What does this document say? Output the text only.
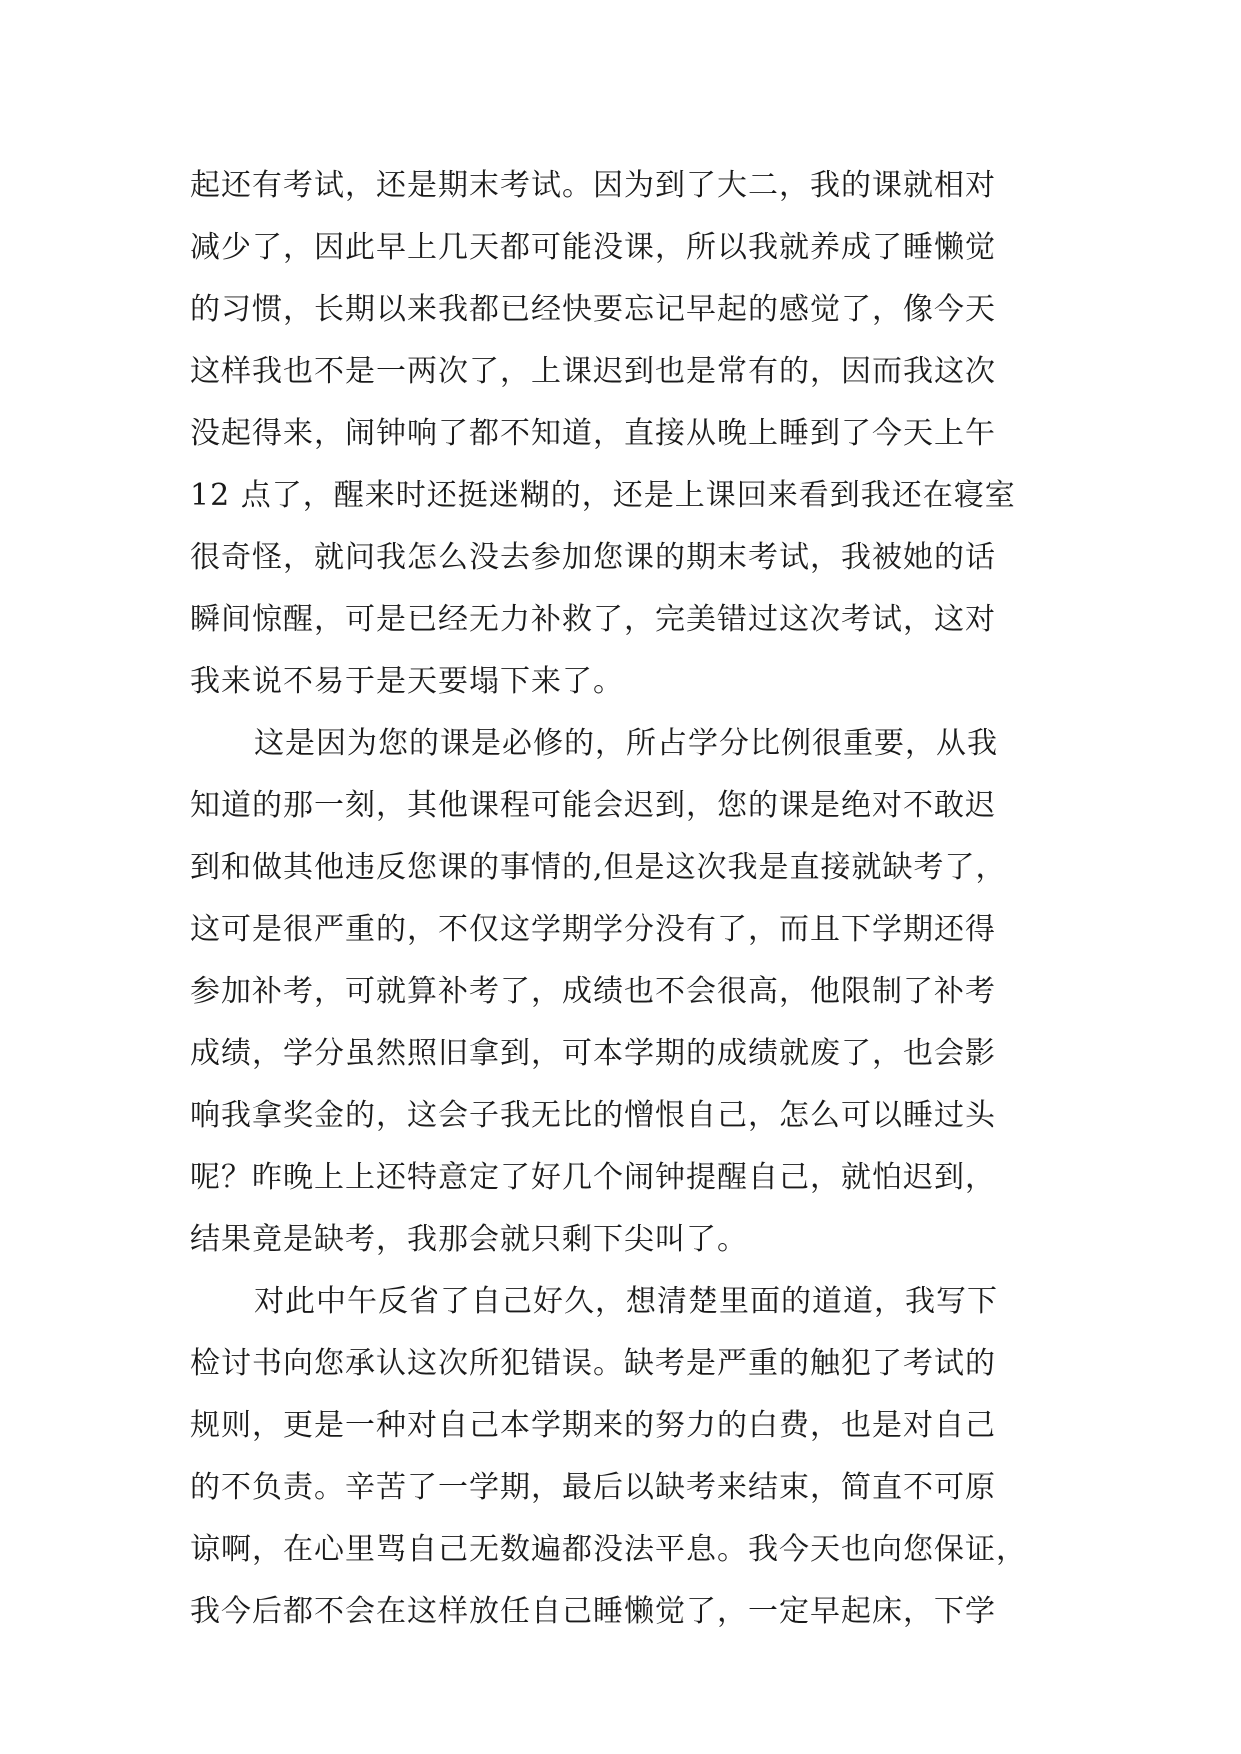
起还有考试，还是期末考试。因为到了大二，我的课就相对
减少了，因此早上几天都可能没课，所以我就养成了睡懒觉
的习惯，长期以来我都已经快要忘记早起的感觉了，像今天
这样我也不是一两次了，上课迟到也是常有的，因而我这次
没起得来，闹钟响了都不知道，直接从晚上睡到了今天上午
12 点了，醒来时还挺迷糊的，还是上课回来看到我还在寝室
很奇怪，就问我怎么没去参加您课的期末考试，我被她的话
瞬间惊醒，可是已经无力补救了，完美错过这次考试，这对
我来说不易于是天要塌下来了。
这是因为您的课是必修的，所占学分比例很重要，从我
知道的那一刻，其他课程可能会迟到，您的课是绝对不敢迟
到和做其他违反您课的事情的,但是这次我是直接就缺考了，
这可是很严重的，不仅这学期学分没有了，而且下学期还得
参加补考，可就算补考了，成绩也不会很高，他限制了补考
成绩，学分虽然照旧拿到，可本学期的成绩就废了，也会影
响我拿奖金的，这会子我无比的憎恨自己，怎么可以睡过头
呢？昨晚上上还特意定了好几个闹钟提醒自己，就怕迟到，
结果竟是缺考，我那会就只剩下尖叫了。
对此中午反省了自己好久，想清楚里面的道道，我写下
检讨书向您承认这次所犯错误。缺考是严重的触犯了考试的
规则，更是一种对自己本学期来的努力的白费，也是对自己
的不负责。辛苦了一学期，最后以缺考来结束，简直不可原
谅啊，在心里骂自己无数遍都没法平息。我今天也向您保证，
我今后都不会在这样放任自己睡懒觉了，一定早起床，下学
